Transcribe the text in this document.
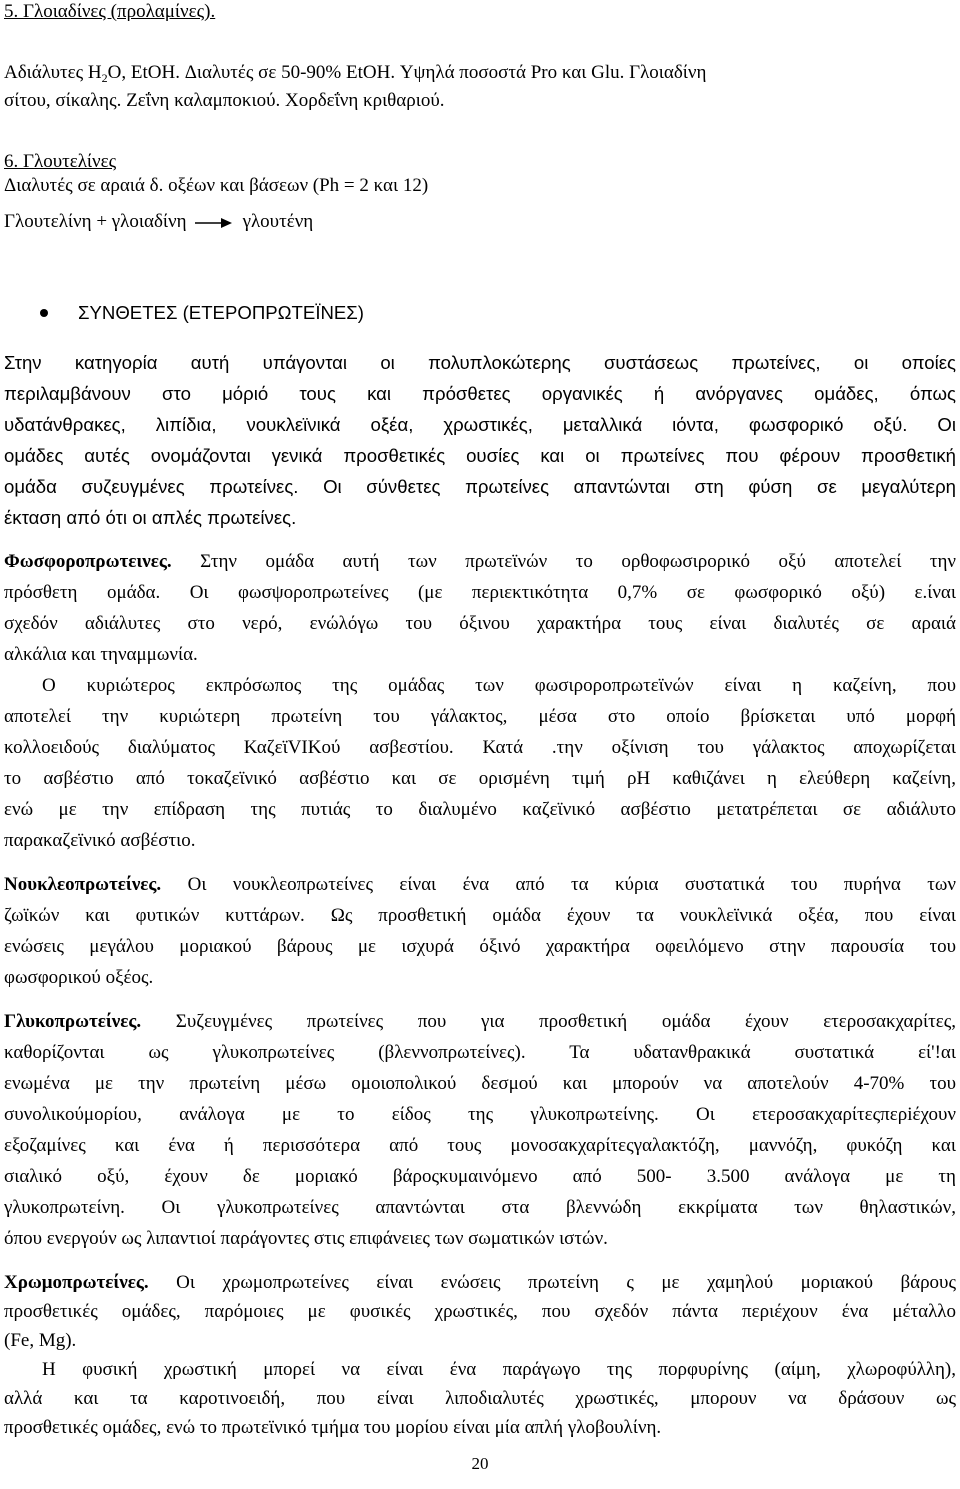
5. Γλοιαδίνες (προλαμίνες).
Αδιάλυτες $H_2O$, EtOH. Διαλυτές σε 50-90% EtOH. Υψηλά ποσοστά Pro και Glu. Γλοιαδίνη
σίτου, σίκαλης. Ζεΐνη καλαμποκιού. Χορδεΐνη κριθαριού.
6. Γλουτελίνες
Διαλυτές σε αραιά δ. οξέων και βάσεων (Ph = 2 και 12)
Γλουτελίνη + γλοιαδίνη	γλουτένη
ΣΥΝΘΕΤΕΣ (ΕΤΕΡΟΠΡΩΤΕΪΝΕΣ)
Στην κατηγορία αυτή υπάγονται οι πολυπλοκώτερης συστάσεως πρωτείνες, οι οποίες
περιλαμβάνουν στο μόριό τους και πρόσθετες οργανικές ή ανόργανες ομάδες, όπως
υδατάνθρακες, λιπίδια, νουκλεϊνικά οξέα, χρωστικές, μεταλλικά ιόντα, φωσφορικό οξύ. Οι
ομάδες αυτές ονομάζονται γενικά προσθετικές ουσίες και οι πρωτείνες που φέρουν προσθετική
ομάδα συζευγμένες πρωτείνες. Οι σύνθετες πρωτείνες απαντώνται στη φύση σε μεγαλύτερη
έκταση από ότι οι απλές πρωτείνες.
Φωσφοροπρωτεινες. Στην ομάδα αυτή των πρωτεϊνών το ορθοφωσιρορικό οξύ αποτελεί την
πρόσθετη ομάδα. Οι φωσψοροπρωτείνες (με περιεκτικότητα 0,7% σε φωσφορικό οξύ) ε.ίναι
σχεδόν αδιάλυτες στο νερό, ενώλόγω του όξινου χαρακτήρα τους είναι διαλυτές σε αραιά
αλκάλια και τηναμμωνία.
Ο κυριώτερος εκπρόσωπος της ομάδας των φωσιροροπρωτεϊνών είναι η καζείνη, που
αποτελεί την κυριώτερη πρωτείνη του γάλακτος, μέσα στο οποίο βρίσκεται υπό μορφή
κολλοειδούς διαλύματος ΚαζεϊVIΚού ασβεστίου. Κατά .την οξίνιση του γάλακτος αποχωρίζεται
το ασβέστιο από τοκαζεϊνικό ασβέστιο και σε ορισμένη τιμή ρΗ καθιζάνει η ελεύθερη καζείνη,
ενώ με την επίδραση της πυτιάς το διαλυμένο καζεϊνικό ασβέστιο μετατρέπεται σε αδιάλυτο
παρακαζεϊνικό ασβέστιο.
Νουκλεοπρωτείνες. Οι νουκλεοπρωτείνες είναι ένα από τα κύρια συστατικά του πυρήνα των
ζωϊκών και φυτικών κυττάρων. Ως προσθετική ομάδα έχουν τα νουκλεϊνικά οξέα, που είναι
ενώσεις μεγάλου μοριακού βάρους με ισχυρά όξινό χαρακτήρα οφειλόμενο στην παρουσία του
φωσφορικού οξέος.
Γλυκοπρωτείνες. Συζευγμένες πρωτείνες που για προσθετική ομάδα έχουν ετεροσακχαρίτες,
καθορίζονται ως γλυκοπρωτείνες (βλεννοπρωτείνες). Τα υδατανθρακικά συστατικά εί'!αι
ενωμένα με την πρωτείνη μέσω ομοιοπολικού δεσμού και μπορούν να αποτελούν 4-70% του
συνολικούμορίου, ανάλογα με το είδος της γλυκοπρωτείνης. Οι ετεροσακχαρίτεςπερiέχουν
εξοζαμίνες και ένα ή περισσότερα από τους μονοσακχαρίτεςγαλακτόζη, μαννόζη, φυκόζη και
σιαλικό οξύ, έχουν δε μοριακό βάροςκυμαινόμενο από 500- 3.500 ανάλογα με τη
γλυκοπρωτείνη. Οι γλυκοπρωτείνες απαντώνται στα βλεννώδη εκκρίματα των θηλαστικών,
όπου ενεργούν ως λιπαντιoί παράγοντες στις επιφάνειες των σωματικών ιστών.
Χρωμοπρωτείνες. Οι χρωμοπρωτείνες είναι ενώσεις πρωτείνη ς με χαμηλού μοριακού βάρους
προσθετικές ομάδες, παρόμοιες με φυσικές χρωστικές, που σχεδόν πάντα περιέχουν ένα μέταλλο
(Fe, Mg).
Η φυσική χρωστική μπορεί να είναι ένα παράγωγο της πορφυρίνης (αίμη, χλωροφύλλη),
αλλά και τα καροτινοειδή, που είναι λιποδιαλυτές χρωστικές, μπορουν να δράσουν ως
προσθετικές ομάδες, ενώ το πρωτεϊνικό τμήμα του μορίου είναι μία απλή γλοβουλίνη.
20
